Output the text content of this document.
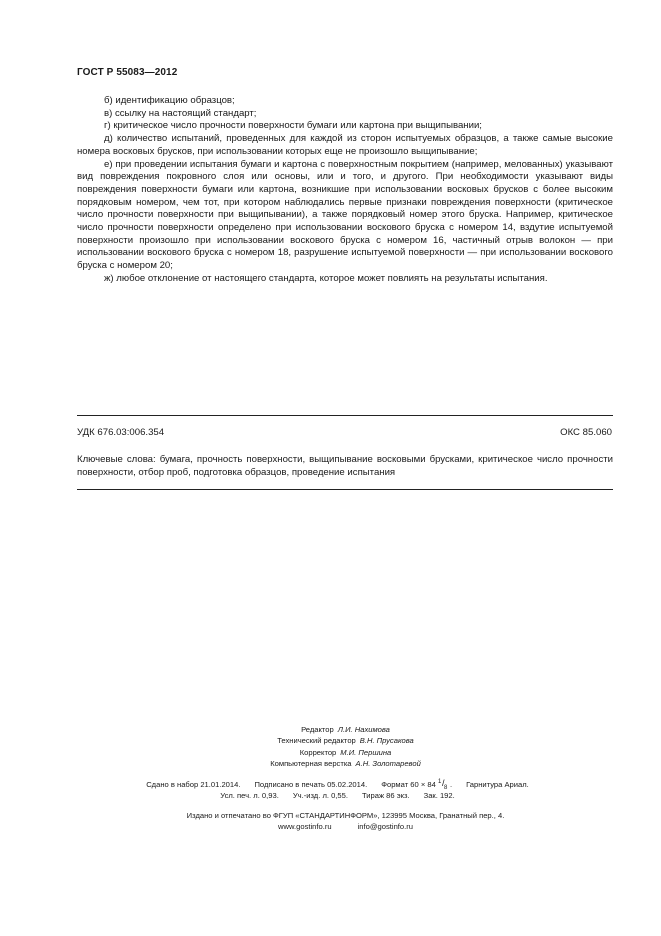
ГОСТ Р 55083—2012

б) идентификацию образцов;

в) ссылку на настоящий стандарт;

г) критическое число прочности поверхности бумаги или картона при выщипывании;

д) количество испытаний, проведенных для каждой из сторон испытуемых образцов, а также самые высокие номера восковых брусков, при использовании которых еще не произошло выщипывание;

е) при проведении испытания бумаги и картона с поверхностным покрытием (например, мелованных) указывают вид повреждения покровного слоя или основы, или и того, и другого. При необходимости указывают виды повреждения поверхности бумаги или картона, возникшие при использовании восковых брусков с более высоким порядковым номером, чем тот, при котором наблюдались первые признаки повреждения поверхности (критическое число прочности поверхности при выщипывании), а также порядковый номер этого бруска. Например, критическое число прочности поверхности определено при использовании воскового бруска с номером 14, вздутие испытуемой поверхности произошло при использовании воскового бруска с номером 16, частичный отрыв волокон — при использовании воскового бруска с номером 18, разрушение испытуемой поверхности — при использовании воскового бруска с номером 20;

ж) любое отклонение от настоящего стандарта, которое может повлиять на результаты испытания.

УДК 676.03:006.354	ОКС 85.060
Ключевые слова: бумага, прочность поверхности, выщипывание восковыми брусками, критическое число прочности поверхности, отбор проб, подготовка образцов, проведение испытания
Редактор Л.И. Нахимова
Технический редактор В.Н. Прусакова
Корректор М.И. Першина
Компьютерная верстка А.Н. Золотаревой
Сдано в набор 21.01.2014. Подписано в печать 05.02.2014. Формат 60 × 84 1 / 8 . Гарнитура Ариал.
Усл. печ. л. 0,93. Уч.-изд. л. 0,55. Тираж 86 экз. Зак. 192.
Издано и отпечатано во ФГУП «СТАНДАРТИНФОРМ», 123995 Москва, Гранатный пер., 4.
www.gostinfo.ru	info@gostinfo.ru
